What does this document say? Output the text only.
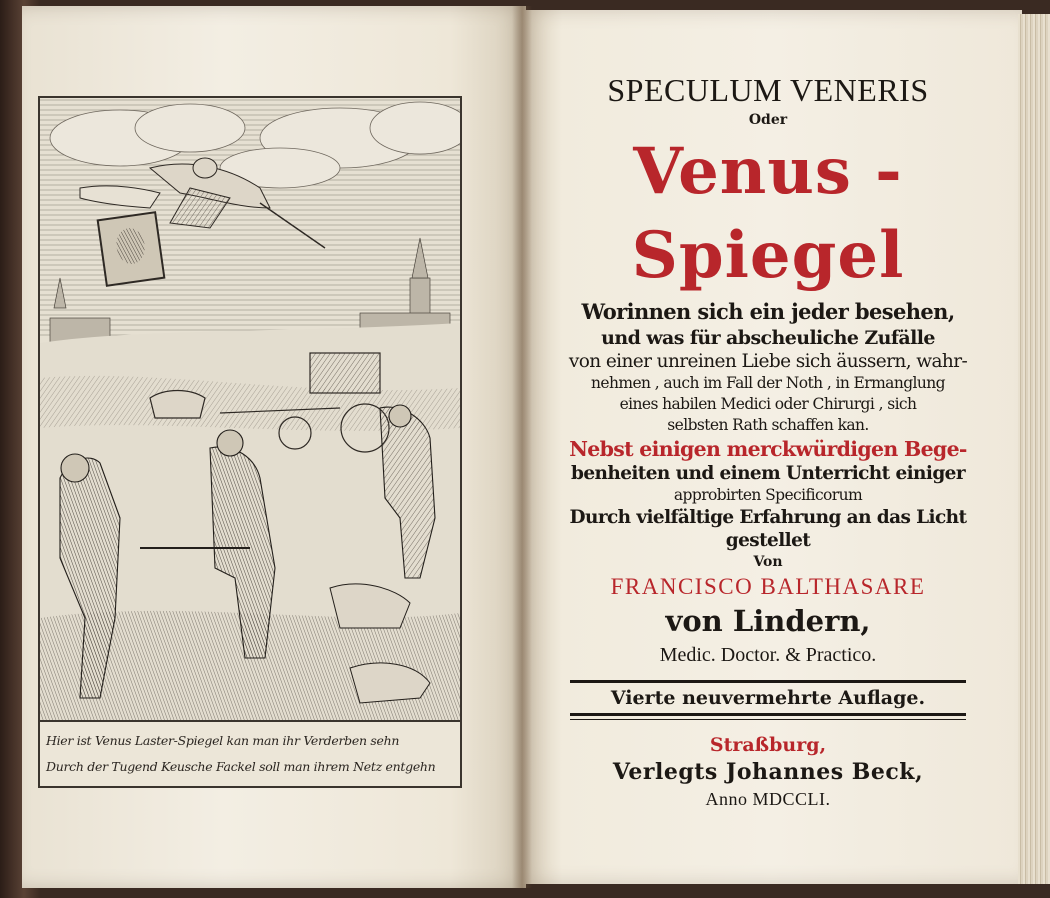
Hier ist Venus Laster-Spiegel kan man ihr Verderben sehn
Durch der Tugend Keusche Fackel soll man ihrem Netz entgehn
SPECULUM VENERIS
Oder
Venus - Spiegel
Worinnen sich ein jeder besehen,
und was für abscheuliche Zufälle
von einer unreinen Liebe sich äussern, wahr-
nehmen , auch im Fall der Noth , in Ermanglung
eines habilen Medici oder Chirurgi , sich
selbsten Rath schaffen kan.
Nebst einigen merckwürdigen Bege-
benheiten und einem Unterricht einiger
approbirten Specificorum
Durch vielfältige Erfahrung an das Licht
gestellet
Von
FRANCISCO BALTHASARE
von Lindern,
Medic. Doctor. & Practico.
Vierte neuvermehrte Auflage.
Straßburg,
Verlegts Johannes Beck,
Anno MDCCLI.
